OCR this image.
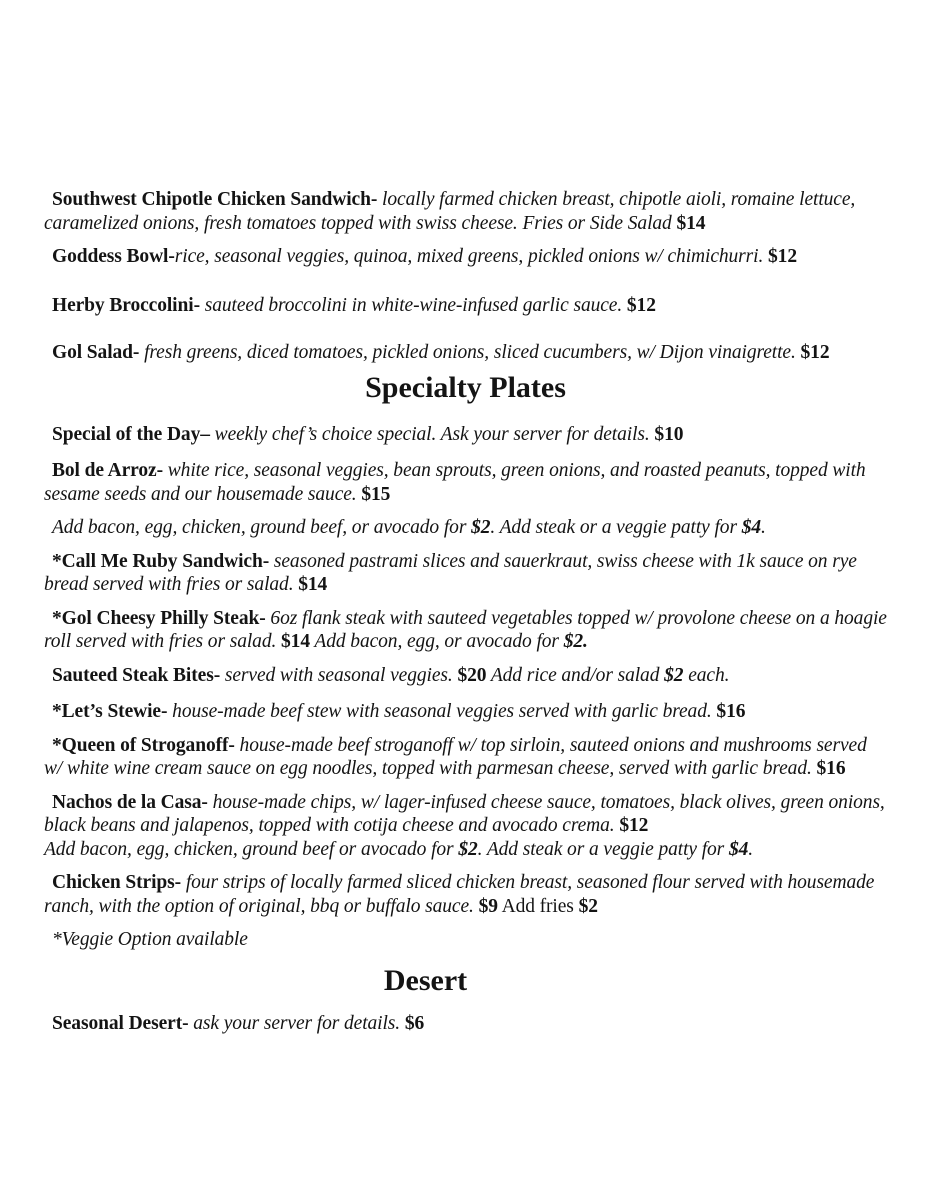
Southwest Chipotle Chicken Sandwich- locally farmed chicken breast, chipotle aioli, romaine lettuce, caramelized onions, fresh tomatoes topped with swiss cheese. Fries or Side Salad $14

Goddess Bowl-rice, seasonal veggies, quinoa, mixed greens, pickled onions w/ chimichurri. $12

Herby Broccolini- sauteed broccolini in white-wine-infused garlic sauce. $12

Gol Salad- fresh greens, diced tomatoes, pickled onions, sliced cucumbers, w/ Dijon vinaigrette. $12

Specialty Plates

Special of the Day– weekly chef’s choice special. Ask your server for details. $10

Bol de Arroz- white rice, seasonal veggies, bean sprouts, green onions, and roasted peanuts, topped with sesame seeds and our housemade sauce. $15

Add bacon, egg, chicken, ground beef, or avocado for $2. Add steak or a veggie patty for $4.

*Call Me Ruby Sandwich- seasoned pastrami slices and sauerkraut, swiss cheese with 1k sauce on rye bread served with fries or salad. $14

*Gol Cheesy Philly Steak- 6oz flank steak with sauteed vegetables topped w/ provolone cheese on a hoagie roll served with fries or salad. $14 Add bacon, egg, or avocado for $2.

Sauteed Steak Bites- served with seasonal veggies. $20 Add rice and/or salad $2 each.

*Let’s Stewie- house-made beef stew with seasonal veggies served with garlic bread. $16

*Queen of Stroganoff- house-made beef stroganoff w/ top sirloin, sauteed onions and mushrooms served w/ white wine cream sauce on egg noodles, topped with parmesan cheese, served with garlic bread. $16

Nachos de la Casa- house-made chips, w/ lager-infused cheese sauce, tomatoes, black olives, green onions, black beans and jalapenos, topped with cotija cheese and avocado crema. $12
Add bacon, egg, chicken, ground beef or avocado for $2. Add steak or a veggie patty for $4.

Chicken Strips- four strips of locally farmed sliced chicken breast, seasoned flour served with housemade ranch, with the option of original, bbq or buffalo sauce. $9 Add fries $2

*Veggie Option available

Desert

Seasonal Desert- ask your server for details. $6
